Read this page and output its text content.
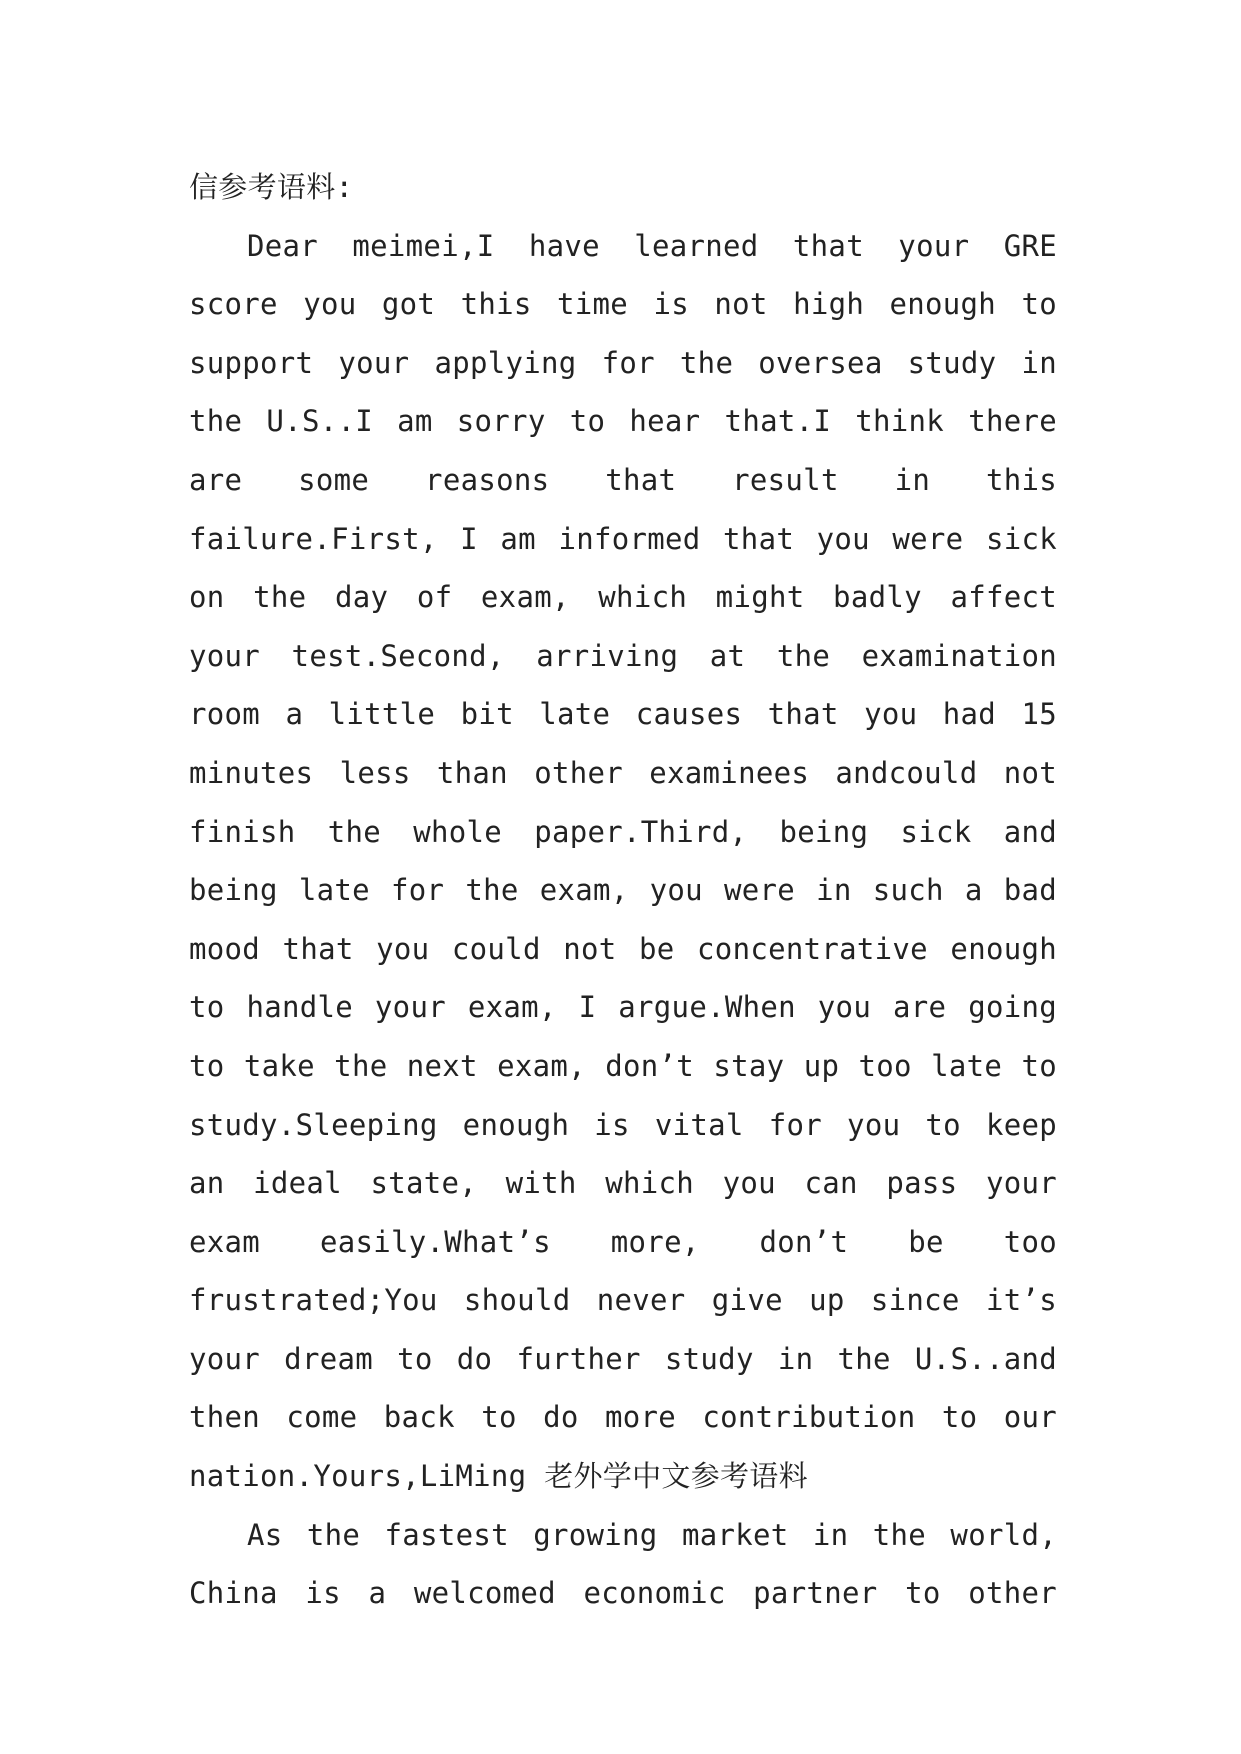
信参考语料:

Dear meimei,I have learned that your GRE score you got this time is not high enough to support your applying for the oversea study in the U.S..I am sorry to hear that.I think there are some reasons that result in this failure.First, I am informed that you were sick on the day of exam, which might badly affect your test.Second, arriving at the examination room a little bit late causes that you had 15 minutes less than other examinees andcould not finish the whole paper.Third, being sick and being late for the exam, you were in such a bad mood that you could not be concentrative enough to handle your exam, I argue.When you are going to take the next exam, don’t stay up too late to study.Sleeping enough is vital for you to keep an ideal state, with which you can pass your exam easily.What’s more, don’t be too frustrated;You should never give up since it’s your dream to do further study in the U.S..and then come back to do more contribution to our nation.Yours,LiMing 老外学中文参考语料

As the fastest growing market in the world, China is a welcomed economic partner to other
